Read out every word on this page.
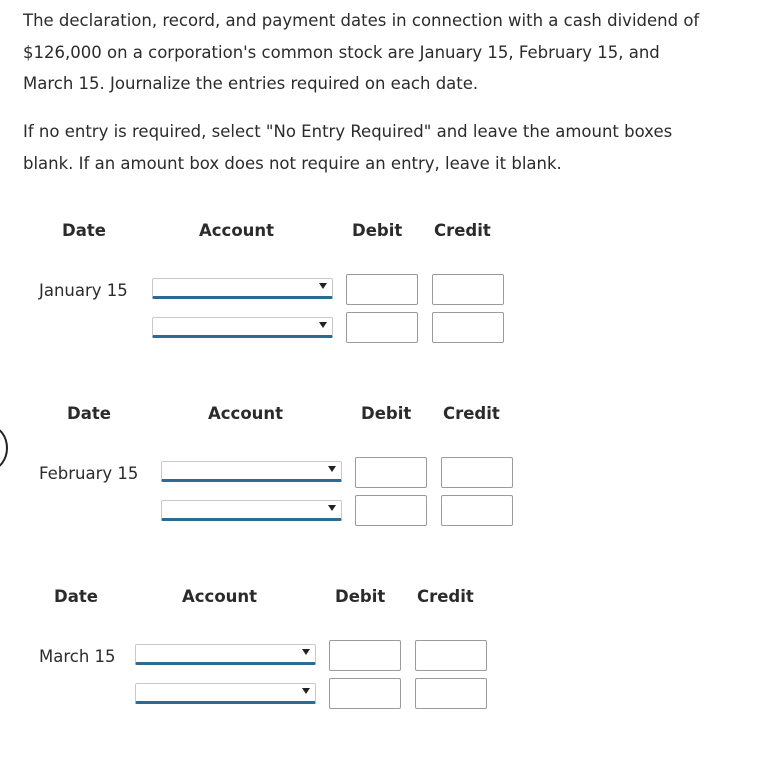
The declaration, record, and payment dates in connection with a cash dividend of
$126,000 on a corporation's common stock are January 15, February 15, and
March 15. Journalize the entries required on each date.

If no entry is required, select "No Entry Required" and leave the amount boxes
blank. If an amount box does not require an entry, leave it blank.

Date	Account	Debit Credit
January 15
Date	Account	Debit Credit
February 15
Date	Account	Debit Credit
March 15
